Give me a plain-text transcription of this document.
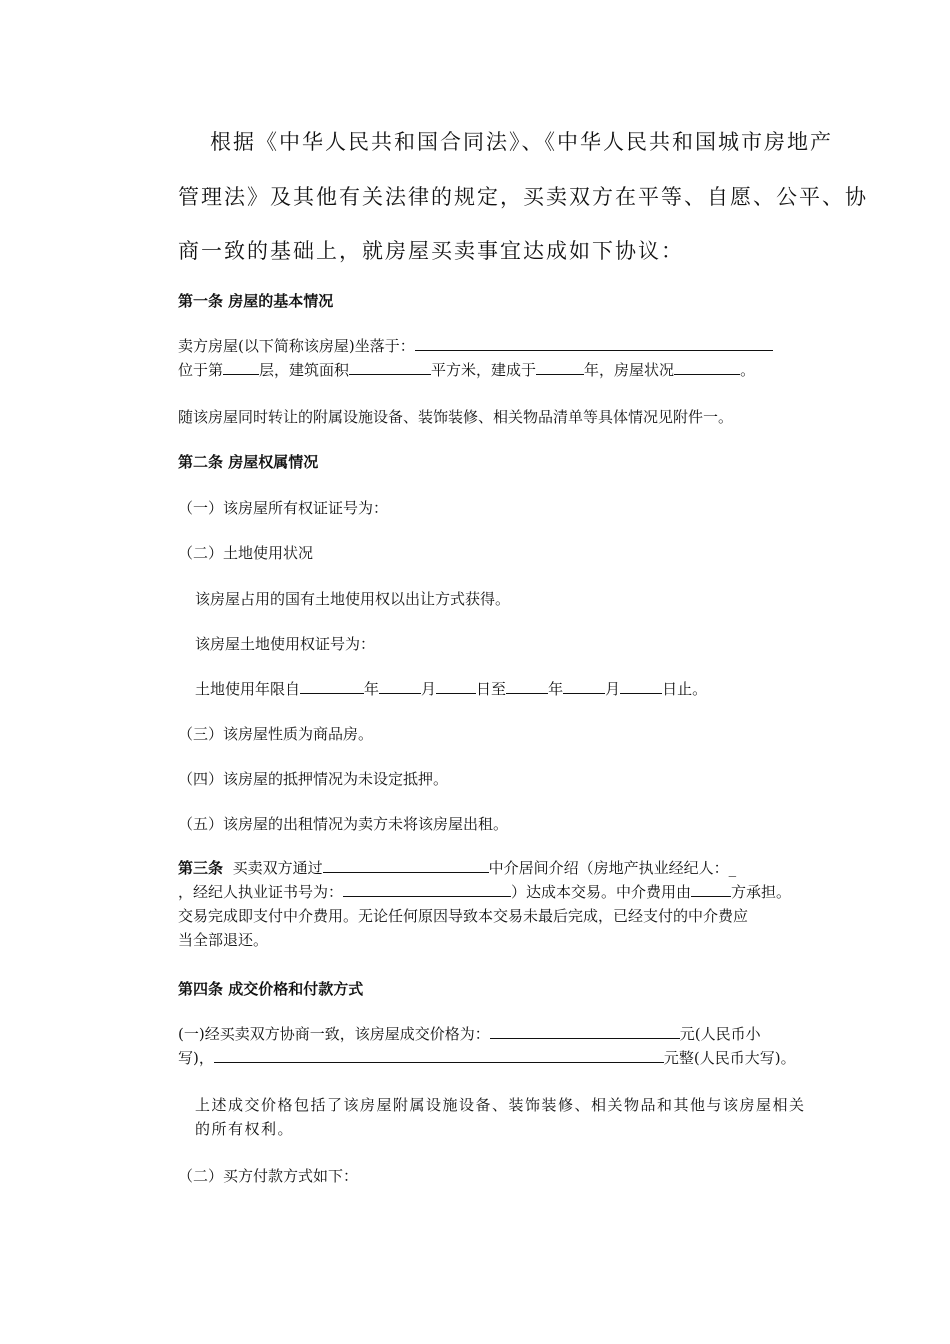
根据《中华人民共和国合同法》、《中华人民共和国城市房地产
管理法》及其他有关法律的规定，买卖双方在平等、自愿、公平、协
商一致的基础上，就房屋买卖事宜达成如下协议：
第一条 房屋的基本情况
卖方房屋(以下简称该房屋)坐落于：
位于第 层，建筑面积	平方米，建成于	年，房屋状况	。
随该房屋同时转让的附属设施设备、装饰装修、相关物品清单等具体情况见附件一。
第二条 房屋权属情况
（一）该房屋所有权证证号为：
（二）土地使用状况
该房屋占用的国有土地使用权以出让方式获得。
该房屋土地使用权证号为：
土地使用年限自	年	月	日至	年	月	日止。
（三）该房屋性质为商品房。
（四）该房屋的抵押情况为未设定抵押。
（五）该房屋的出租情况为卖方未将该房屋出租。
第三条 买卖双方通过	中介居间介绍（房地产执业经纪人：_
，经纪人执业证书号为：	）达成本交易。中介费用由	方承担。
交易完成即支付中介费用。无论任何原因导致本交易未最后完成，已经支付的中介费应
当全部退还。
第四条 成交价格和付款方式
(一)经买卖双方协商一致，该房屋成交价格为：	元(人民币小
写)，	元整(人民币大写)。
上述成交价格包括了该房屋附属设施设备、装饰装修、相关物品和其他与该房屋相关
的所有权利。
（二）买方付款方式如下：
